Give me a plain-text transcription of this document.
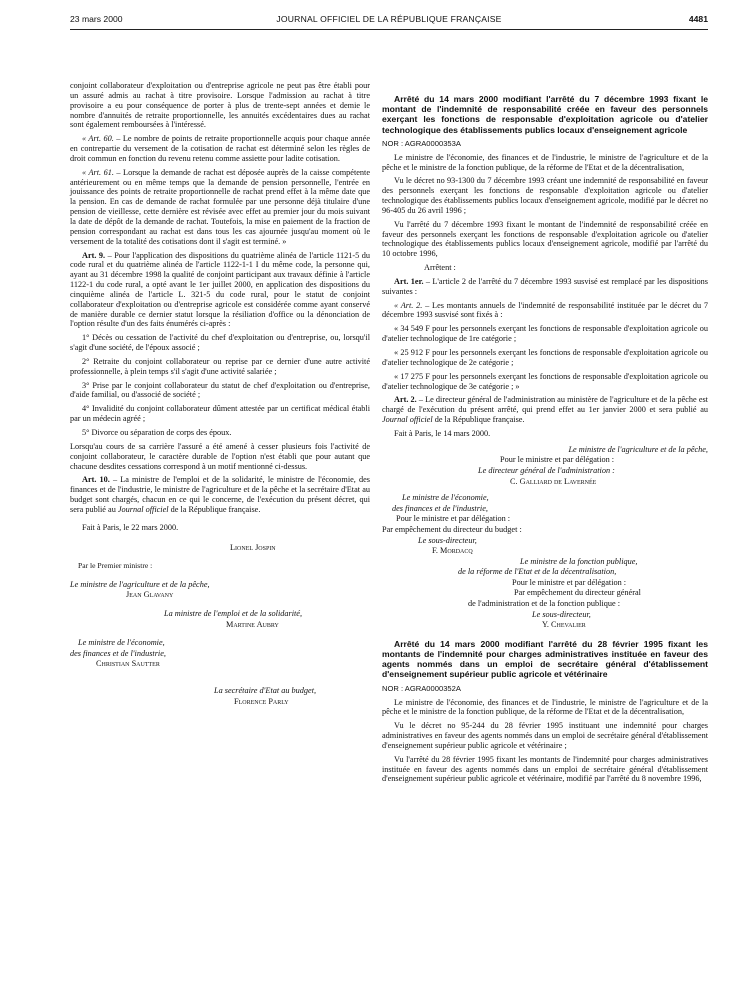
23 mars 2000	JOURNAL OFFICIEL DE LA RÉPUBLIQUE FRANÇAISE	4481

conjoint collaborateur d'exploitation ou d'entreprise agricole ne peut pas être établi pour un assuré admis au rachat à titre provisoire. Lorsque l'admission au rachat à titre provisoire a eu pour conséquence de porter à plus de trente-sept années et demie le nombre d'annuités de retraite proportionnelle, les annuités excédentaires dues au rachat sont également remboursées à l'intéressé.

« Art. 60. – Le nombre de points de retraite proportionnelle acquis pour chaque année en contrepartie du versement de la cotisation de rachat est déterminé selon les règles de droit commun en fonction du revenu retenu comme assiette pour ladite cotisation.

« Art. 61. – Lorsque la demande de rachat est déposée auprès de la caisse compétente antérieurement ou en même temps que la demande de pension personnelle, l'entrée en jouissance des points de retraite proportionnelle de rachat prend effet à la même date que la pension. En cas de demande de rachat formulée par une personne déjà titulaire d'une pension de vieillesse, cette dernière est révisée avec effet au premier jour du mois suivant la date de dépôt de la demande de rachat. Toutefois, la mise en paiement de la fraction de pension correspondant au rachat est dans tous les cas ajournée jusqu'au moment où le versement de la totalité des cotisations dont il s'agit est terminé. »

Art. 9. – Pour l'application des dispositions du quatrième alinéa de l'article 1121-5 du code rural et du quatrième alinéa de l'article 1122-1-1 I du même code, la personne qui, ayant au 31 décembre 1998 la qualité de conjoint participant aux travaux définie à l'article 1122-1 du code rural, a opté avant le 1er juillet 2000, en application des dispositions du cinquième alinéa de l'article L. 321-5 du code rural, pour le statut de conjoint collaborateur d'exploitation ou d'entreprise agricole est considérée comme ayant conservé de manière durable ce dernier statut lorsque la résiliation d'office ou la dénonciation de l'option résulte d'un des faits énumérés ci-après :

1° Décès ou cessation de l'activité du chef d'exploitation ou d'entreprise, ou, lorsqu'il s'agit d'une société, de l'époux associé ;

2° Retraite du conjoint collaborateur ou reprise par ce dernier d'une autre activité professionnelle, à plein temps s'il s'agit d'une activité salariée ;

3° Prise par le conjoint collaborateur du statut de chef d'exploitation ou d'entreprise, d'aide familial, ou d'associé de société ;

4° Invalidité du conjoint collaborateur dûment attestée par un certificat médical établi par un médecin agréé ;

5° Divorce ou séparation de corps des époux.

Lorsqu'au cours de sa carrière l'assuré a été amené à cesser plusieurs fois l'activité de conjoint collaborateur, le caractère durable de l'option n'est établi que pour autant que chacune desdites cessations correspond à un motif mentionné ci-dessus.

Art. 10. – La ministre de l'emploi et de la solidarité, le ministre de l'économie, des finances et de l'industrie, le ministre de l'agriculture et de la pêche et la secrétaire d'Etat au budget sont chargés, chacun en ce qui le concerne, de l'exécution du présent décret, qui sera publié au Journal officiel de la République française.

Fait à Paris, le 22 mars 2000.

Lionel Jospin
Par le Premier ministre :
Le ministre de l'agriculture et de la pêche,
Jean Glavany
La ministre de l'emploi et de la solidarité,
Martine Aubry
Le ministre de l'économie,
des finances et de l'industrie,
Christian Sautter
La secrétaire d'Etat au budget,
Florence Parly

Arrêté du 14 mars 2000 modifiant l'arrêté du 7 décembre 1993 fixant le montant de l'indemnité de responsabilité créée en faveur des personnels exerçant les fonctions de responsable d'exploitation agricole ou d'atelier technologique des établissements publics locaux d'enseignement agricole

NOR : AGRA0000353A

Le ministre de l'économie, des finances et de l'industrie, le ministre de l'agriculture et de la pêche et le ministre de la fonction publique, de la réforme de l'Etat et de la décentralisation,

Vu le décret no 93-1300 du 7 décembre 1993 créant une indemnité de responsabilité en faveur des personnels exerçant les fonctions de responsable d'exploitation agricole ou d'atelier technologique des établissements publics locaux d'enseignement agricole, modifié par le décret no 96-405 du 26 avril 1996 ;

Vu l'arrêté du 7 décembre 1993 fixant le montant de l'indemnité de responsabilité créée en faveur des personnels exerçant les fonctions de responsable d'exploitation agricole ou d'atelier technologique des établissements publics locaux d'enseignement agricole, modifié par l'arrêté du 10 octobre 1996,

Arrêtent :

Art. 1er. – L'article 2 de l'arrêté du 7 décembre 1993 susvisé est remplacé par les dispositions suivantes :

« Art. 2. – Les montants annuels de l'indemnité de responsabilité instituée par le décret du 7 décembre 1993 susvisé sont fixés à :

« 34 549 F pour les personnels exerçant les fonctions de responsable d'exploitation agricole ou d'atelier technologique de 1re catégorie ;

« 25 912 F pour les personnels exerçant les fonctions de responsable d'exploitation agricole ou d'atelier technologique de 2e catégorie ;

« 17 275 F pour les personnels exerçant les fonctions de responsable d'exploitation agricole ou d'atelier technologique de 3e catégorie ; »

Art. 2. – Le directeur général de l'administration au ministère de l'agriculture et de la pêche est chargé de l'exécution du présent arrêté, qui prend effet au 1er janvier 2000 et sera publié au Journal officiel de la République française.

Fait à Paris, le 14 mars 2000.

Le ministre de l'agriculture et de la pêche,
Pour le ministre et par délégation :
Le directeur général de l'administration :
C. Galliard de Lavernée
Le ministre de l'économie,
des finances et de l'industrie,
Pour le ministre et par délégation :
Par empêchement du directeur du budget :
Le sous-directeur,
F. Mordacq
Le ministre de la fonction publique,
de la réforme de l'Etat et de la décentralisation,
Pour le ministre et par délégation :
Par empêchement du directeur général
de l'administration et de la fonction publique :
Le sous-directeur,
Y. Chevalier

Arrêté du 14 mars 2000 modifiant l'arrêté du 28 février 1995 fixant les montants de l'indemnité pour charges administratives instituée en faveur des agents nommés dans un emploi de secrétaire général d'établissement d'enseignement supérieur public agricole et vétérinaire

NOR : AGRA0000352A

Le ministre de l'économie, des finances et de l'industrie, le ministre de l'agriculture et de la pêche et le ministre de la fonction publique, de la réforme de l'Etat et de la décentralisation,

Vu le décret no 95-244 du 28 février 1995 instituant une indemnité pour charges administratives en faveur des agents nommés dans un emploi de secrétaire général d'établissement d'enseignement supérieur public agricole et vétérinaire ;

Vu l'arrêté du 28 février 1995 fixant les montants de l'indemnité pour charges administratives instituée en faveur des agents nommés dans un emploi de secrétaire général d'établissement d'enseignement supérieur public agricole et vétérinaire, modifié par l'arrêté du 8 novembre 1996,
